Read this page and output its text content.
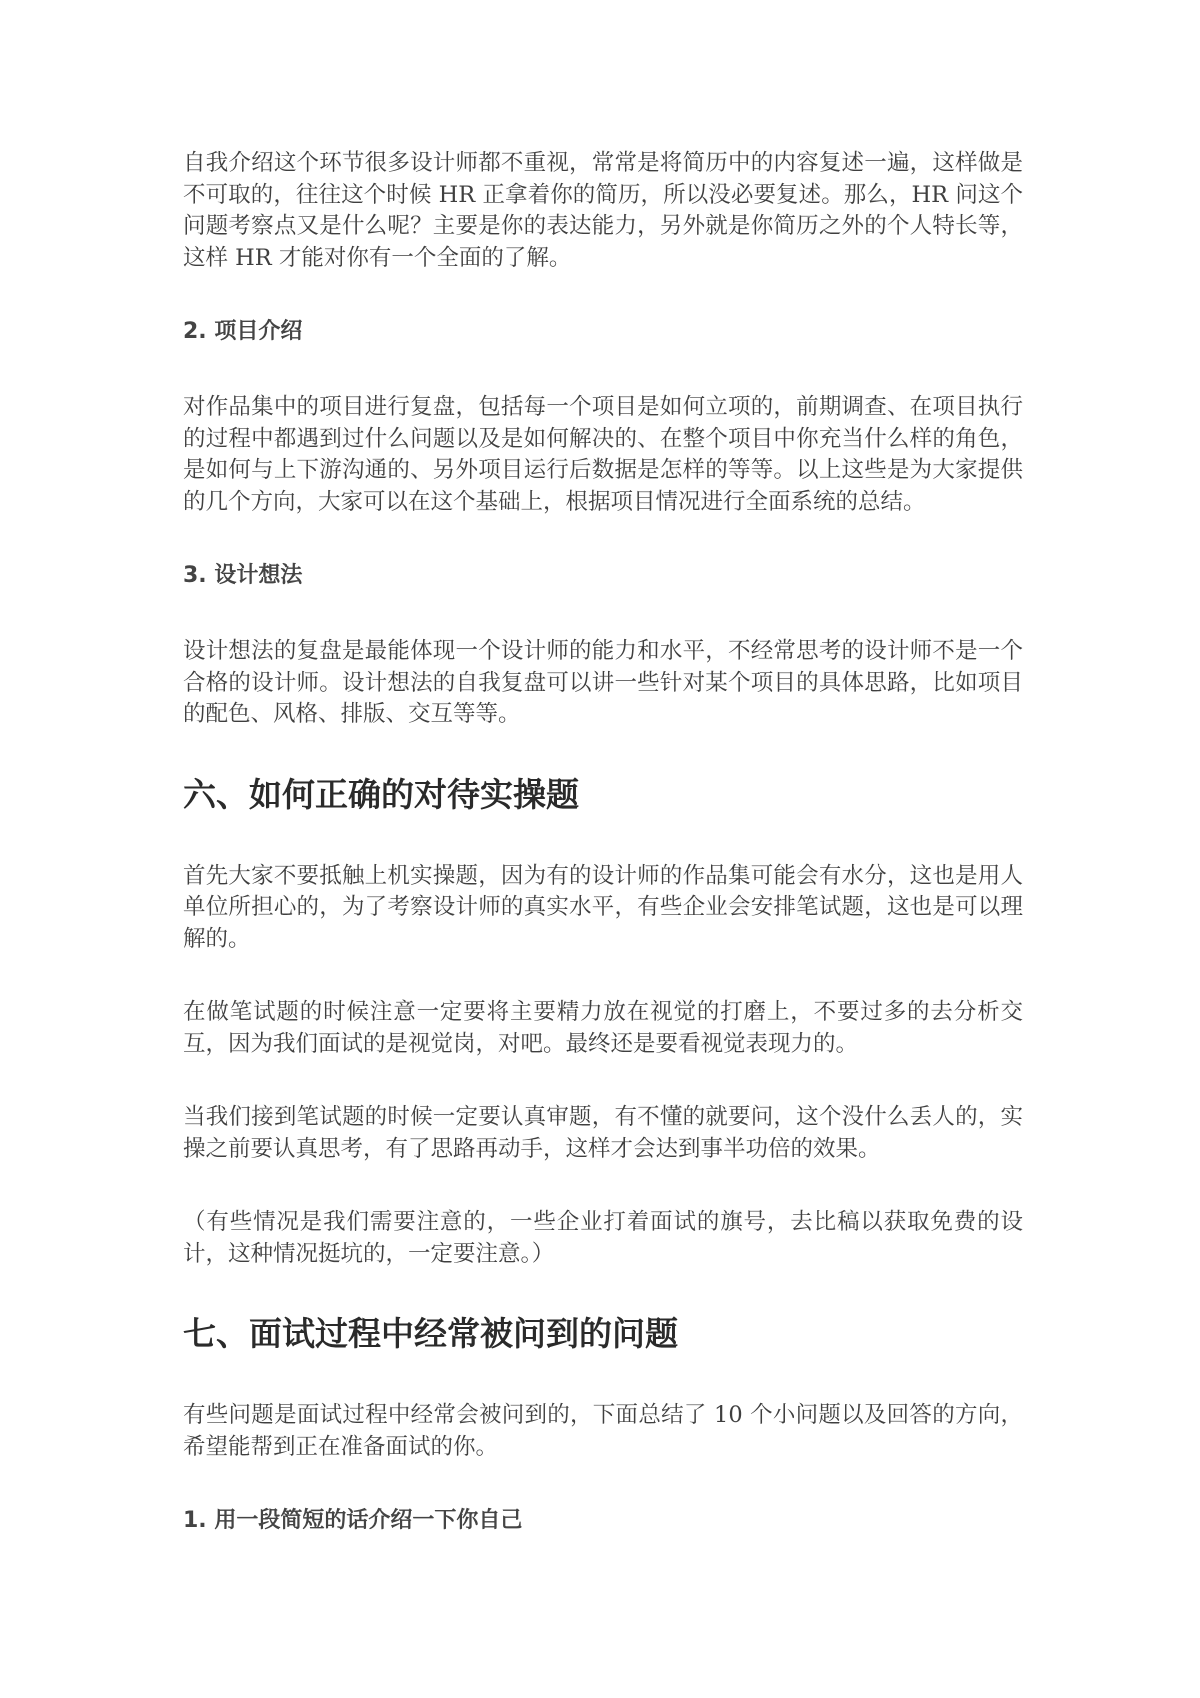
自我介绍这个环节很多设计师都不重视，常常是将简历中的内容复述一遍，这样做是不可取的，往往这个时候 HR 正拿着你的简历，所以没必要复述。那么，HR 问这个问题考察点又是什么呢？主要是你的表达能力，另外就是你简历之外的个人特长等，这样 HR 才能对你有一个全面的了解。

2. 项目介绍

对作品集中的项目进行复盘，包括每一个项目是如何立项的，前期调查、在项目执行的过程中都遇到过什么问题以及是如何解决的、在整个项目中你充当什么样的角色，是如何与上下游沟通的、另外项目运行后数据是怎样的等等。以上这些是为大家提供的几个方向，大家可以在这个基础上，根据项目情况进行全面系统的总结。

3. 设计想法

设计想法的复盘是最能体现一个设计师的能力和水平，不经常思考的设计师不是一个合格的设计师。设计想法的自我复盘可以讲一些针对某个项目的具体思路，比如项目的配色、风格、排版、交互等等。

六、如何正确的对待实操题

首先大家不要抵触上机实操题，因为有的设计师的作品集可能会有水分，这也是用人单位所担心的，为了考察设计师的真实水平，有些企业会安排笔试题，这也是可以理解的。

在做笔试题的时候注意一定要将主要精力放在视觉的打磨上，不要过多的去分析交互，因为我们面试的是视觉岗，对吧。最终还是要看视觉表现力的。

当我们接到笔试题的时候一定要认真审题，有不懂的就要问，这个没什么丢人的，实操之前要认真思考，有了思路再动手，这样才会达到事半功倍的效果。

（有些情况是我们需要注意的，一些企业打着面试的旗号，去比稿以获取免费的设计，这种情况挺坑的，一定要注意。）

七、面试过程中经常被问到的问题

有些问题是面试过程中经常会被问到的，下面总结了 10 个小问题以及回答的方向，希望能帮到正在准备面试的你。

1. 用一段简短的话介绍一下你自己
